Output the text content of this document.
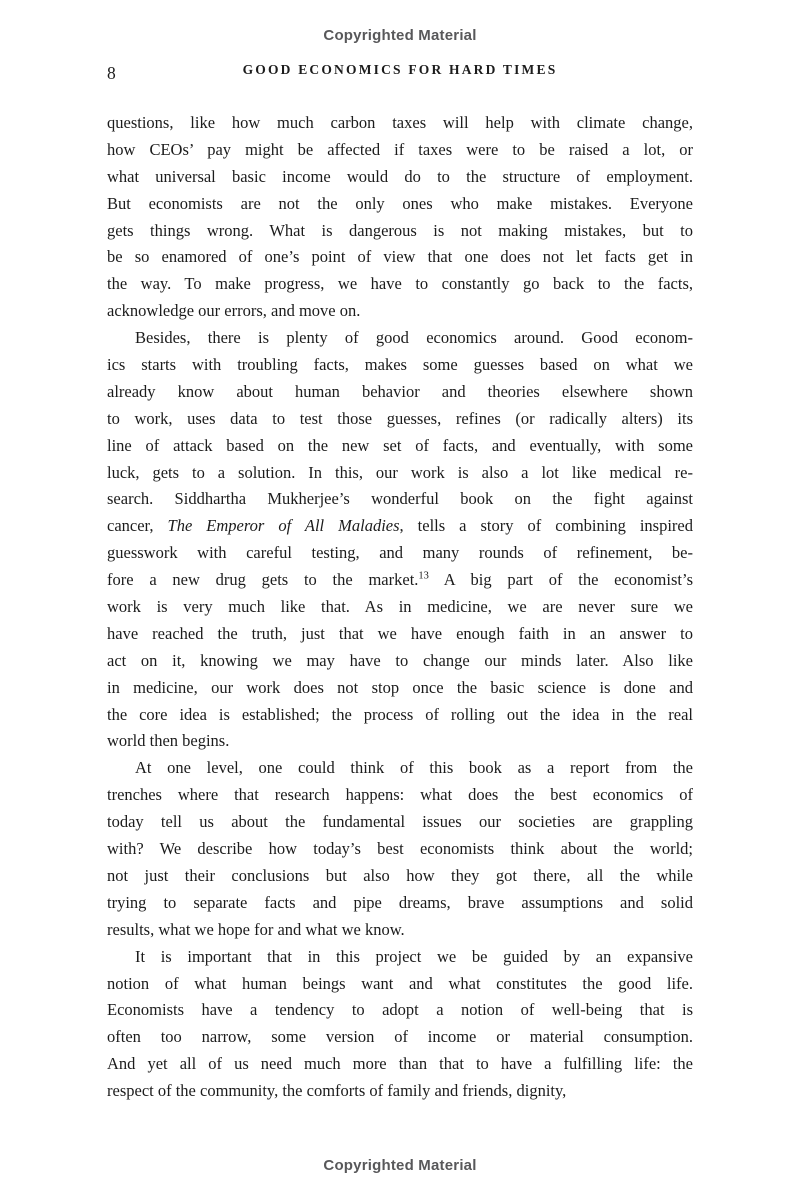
Copyrighted Material
8	GOOD ECONOMICS FOR HARD TIMES
questions, like how much carbon taxes will help with climate change,
how CEOs’ pay might be affected if taxes were to be raised a lot, or
what universal basic income would do to the structure of employment.
But economists are not the only ones who make mistakes. Everyone
gets things wrong. What is dangerous is not making mistakes, but to
be so enamored of one’s point of view that one does not let facts get in
the way. To make progress, we have to constantly go back to the facts,
acknowledge our errors, and move on.
Besides, there is plenty of good economics around. Good econom-
ics starts with troubling facts, makes some guesses based on what we
already know about human behavior and theories elsewhere shown
to work, uses data to test those guesses, refines (or radically alters) its
line of attack based on the new set of facts, and eventually, with some
luck, gets to a solution. In this, our work is also a lot like medical re-
search. Siddhartha Mukherjee’s wonderful book on the fight against
cancer, The Emperor of All Maladies, tells a story of combining inspired
guesswork with careful testing, and many rounds of refinement, be-
fore a new drug gets to the market.$^{13}$ A big part of the economist’s
work is very much like that. As in medicine, we are never sure we
have reached the truth, just that we have enough faith in an answer to
act on it, knowing we may have to change our minds later. Also like
in medicine, our work does not stop once the basic science is done and
the core idea is established; the process of rolling out the idea in the real
world then begins.
At one level, one could think of this book as a report from the
trenches where that research happens: what does the best economics of
today tell us about the fundamental issues our societies are grappling
with? We describe how today’s best economists think about the world;
not just their conclusions but also how they got there, all the while
trying to separate facts and pipe dreams, brave assumptions and solid
results, what we hope for and what we know.
It is important that in this project we be guided by an expansive
notion of what human beings want and what constitutes the good life.
Economists have a tendency to adopt a notion of well-being that is
often too narrow, some version of income or material consumption.
And yet all of us need much more than that to have a fulfilling life: the
respect of the community, the comforts of family and friends, dignity,
Copyrighted Material
